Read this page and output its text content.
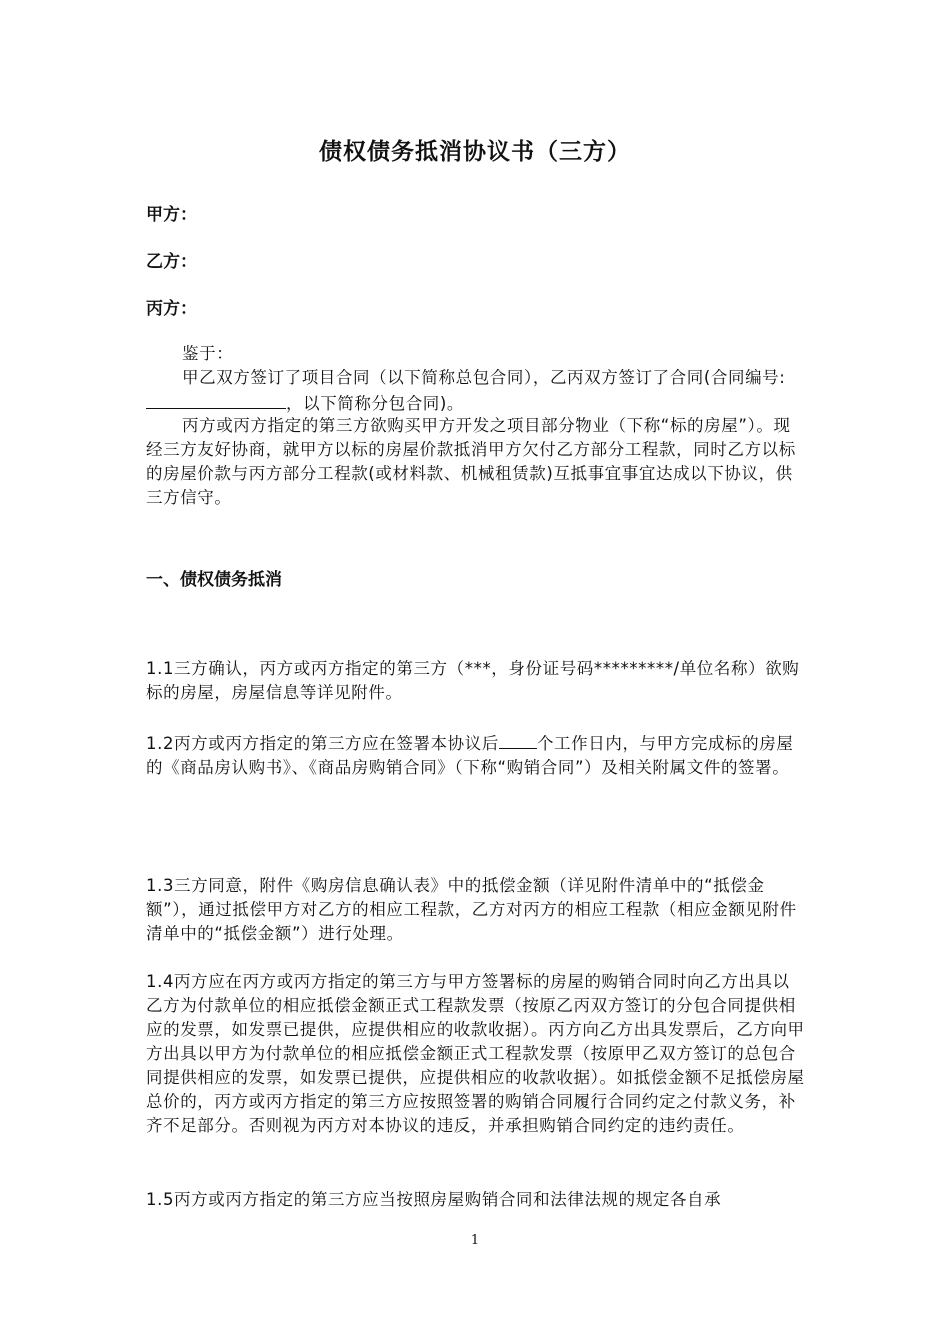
债权债务抵消协议书（三方）
甲方：
乙方：
丙方：

鉴于：

甲乙双方签订了项目合同（以下简称总包合同），乙丙双方签订了合同(合同编号:，以下简称分包合同)。

丙方或丙方指定的第三方欲购买甲方开发之项目部分物业（下称“标的房屋”）。现经三方友好协商，就甲方以标的房屋价款抵消甲方欠付乙方部分工程款，同时乙方以标的房屋价款与丙方部分工程款(或材料款、机械租赁款)互抵事宜事宜达成以下协议，供三方信守。

一、债权债务抵消

1.1三方确认，丙方或丙方指定的第三方（***，身份证号码*********/单位名称）欲购标的房屋，房屋信息等详见附件。

1.2丙方或丙方指定的第三方应在签署本协议后 个工作日内，与甲方完成标的房屋的《商品房认购书》、《商品房购销合同》（下称“购销合同”）及相关附属文件的签署。

1.3三方同意，附件《购房信息确认表》中的抵偿金额（详见附件清单中的“抵偿金额”），通过抵偿甲方对乙方的相应工程款，乙方对丙方的相应工程款（相应金额见附件清单中的“抵偿金额”）进行处理。

1.4丙方应在丙方或丙方指定的第三方与甲方签署标的房屋的购销合同时向乙方出具以乙方为付款单位的相应抵偿金额正式工程款发票（按原乙丙双方签订的分包合同提供相应的发票，如发票已提供，应提供相应的收款收据）。丙方向乙方出具发票后，乙方向甲方出具以甲方为付款单位的相应抵偿金额正式工程款发票（按原甲乙双方签订的总包合同提供相应的发票，如发票已提供，应提供相应的收款收据）。如抵偿金额不足抵偿房屋总价的，丙方或丙方指定的第三方应按照签署的购销合同履行合同约定之付款义务，补齐不足部分。否则视为丙方对本协议的违反，并承担购销合同约定的违约责任。

1.5丙方或丙方指定的第三方应当按照房屋购销合同和法律法规的规定各自承

1
